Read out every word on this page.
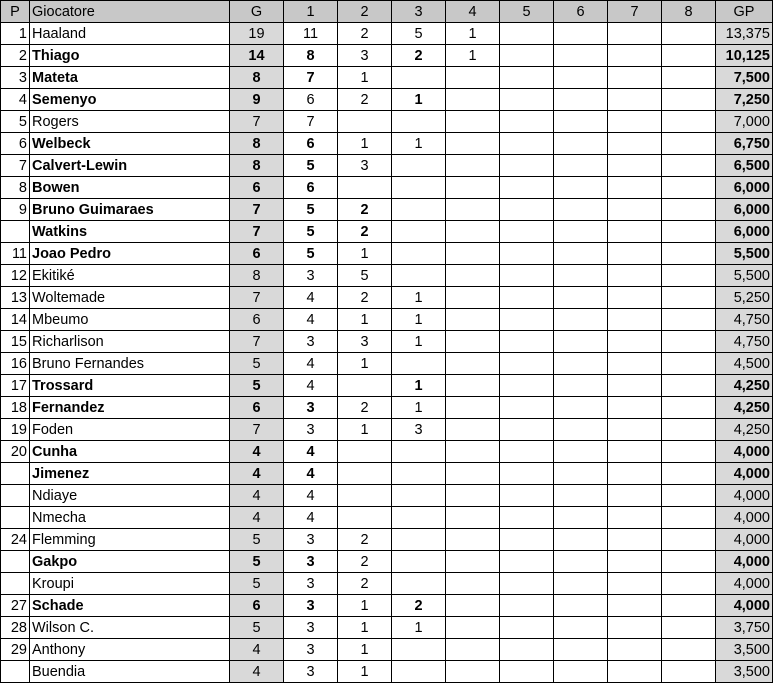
P	Giocatore	G	1	2	3	4	5	6	7	8	GP
1	Haaland	19	11	2	5	1					13,375
2	Thiago	14	8	3	2	1					10,125
3	Mateta	8	7	1							7,500
4	Semenyo	9	6	2	1						7,250
5	Rogers	7	7								7,000
6	Welbeck	8	6	1	1						6,750
7	Calvert-Lewin	8	5	3							6,500
8	Bowen	6	6								6,000
9	Bruno Guimaraes	7	5	2							6,000
	Watkins	7	5	2							6,000
11	Joao Pedro	6	5	1							5,500
12	Ekitiké	8	3	5							5,500
13	Woltemade	7	4	2	1						5,250
14	Mbeumo	6	4	1	1						4,750
15	Richarlison	7	3	3	1						4,750
16	Bruno Fernandes	5	4	1							4,500
17	Trossard	5	4		1						4,250
18	Fernandez	6	3	2	1						4,250
19	Foden	7	3	1	3						4,250
20	Cunha	4	4								4,000
	Jimenez	4	4								4,000
	Ndiaye	4	4								4,000
	Nmecha	4	4								4,000
24	Flemming	5	3	2							4,000
	Gakpo	5	3	2							4,000
	Kroupi	5	3	2							4,000
27	Schade	6	3	1	2						4,000
28	Wilson C.	5	3	1	1						3,750
29	Anthony	4	3	1							3,500
	Buendia	4	3	1							3,500
